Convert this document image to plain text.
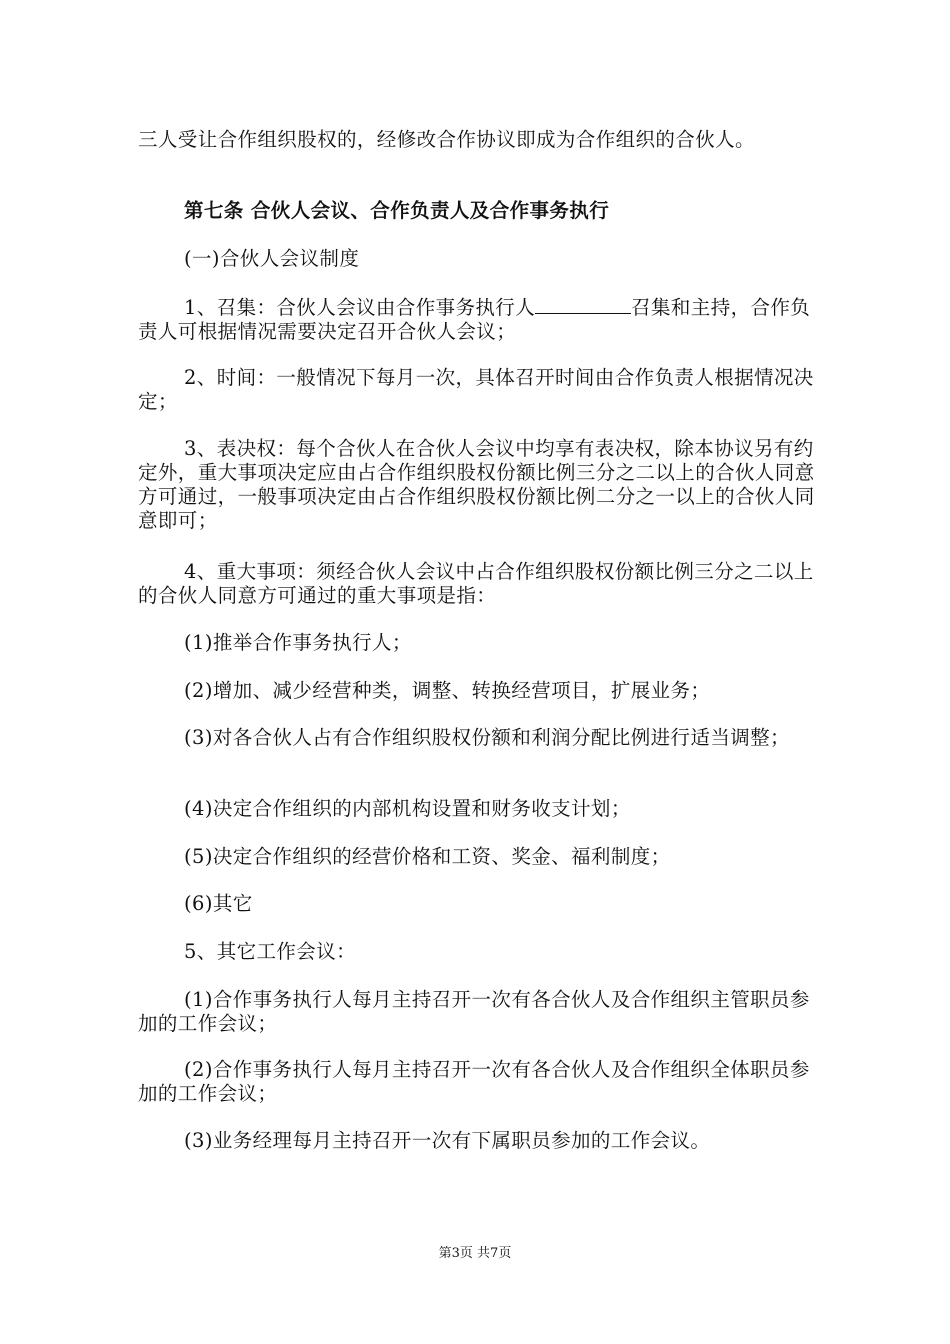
三人受让合作组织股权的，经修改合作协议即成为合作组织的合伙人。

第七条 合伙人会议、合作负责人及合作事务执行

(一)合伙人会议制度

1、召集：合伙人会议由合作事务执行人	召集和主持，合作负责人可根据情况需要决定召开合伙人会议；

2、时间：一般情况下每月一次，具体召开时间由合作负责人根据情况决定；

3、表决权：每个合伙人在合伙人会议中均享有表决权，除本协议另有约定外，重大事项决定应由占合作组织股权份额比例三分之二以上的合伙人同意方可通过，一般事项决定由占合作组织股权份额比例二分之一以上的合伙人同意即可；

4、重大事项：须经合伙人会议中占合作组织股权份额比例三分之二以上的合伙人同意方可通过的重大事项是指：

(1)推举合作事务执行人；

(2)增加、减少经营种类，调整、转换经营项目，扩展业务；

(3)对各合伙人占有合作组织股权份额和利润分配比例进行适当调整；

(4)决定合作组织的内部机构设置和财务收支计划；

(5)决定合作组织的经营价格和工资、奖金、福利制度；

(6)其它

5、其它工作会议：

(1)合作事务执行人每月主持召开一次有各合伙人及合作组织主管职员参加的工作会议；

(2)合作事务执行人每月主持召开一次有各合伙人及合作组织全体职员参加的工作会议；

(3)业务经理每月主持召开一次有下属职员参加的工作会议。

第3页 共7页
